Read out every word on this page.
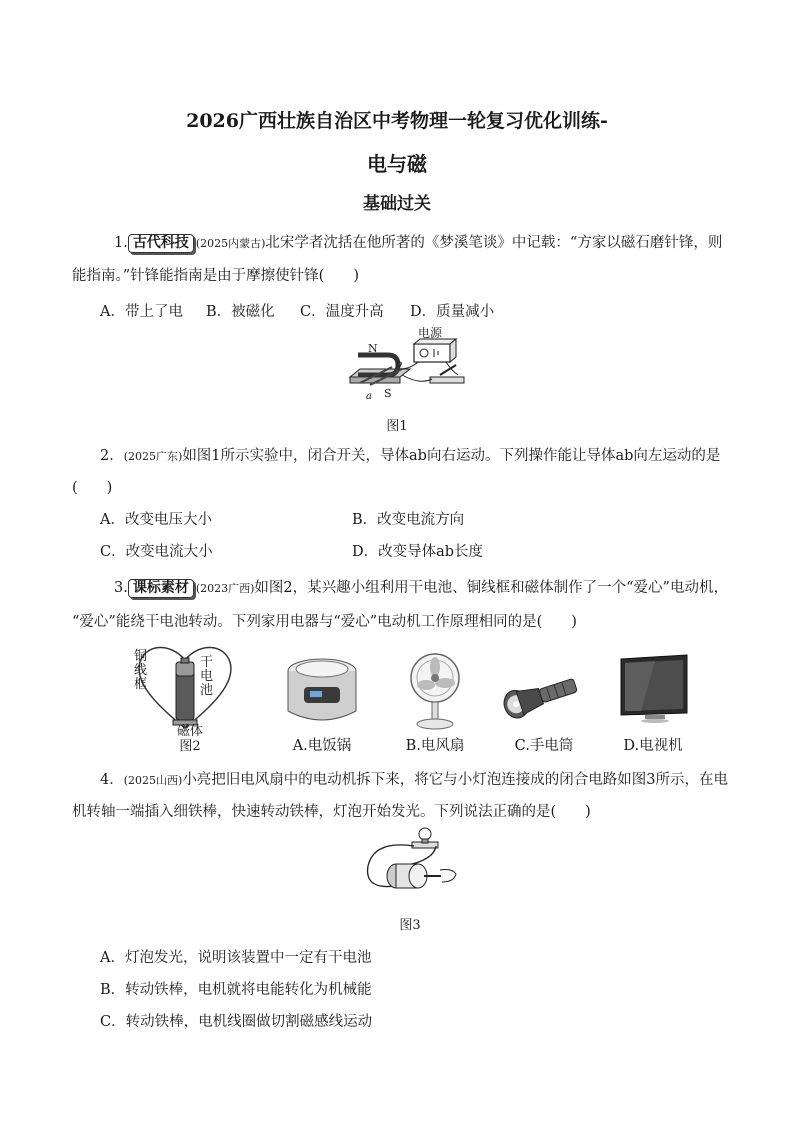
2026广西壮族自治区中考物理一轮复习优化训练-
电与磁
基础过关
1. 古代科技 (2025内蒙古)北宋学者沈括在他所著的《梦溪笔谈》中记载：“方家以磁石磨针锋，则
能指南。”针锋能指南是由于摩擦使针锋(　　)
A．带上了电 B．被磁化 C．温度升高 D．质量减小
N
S
a
b
电源
图1
2．(2025广东)如图1所示实验中，闭合开关，导体ab向右运动。下列操作能让导体ab向左运动的是
(　　)
A．改变电压大小	B．改变电流方向
C．改变电流大小	D．改变导体ab长度
3. 课标素材 (2023广西)如图2，某兴趣小组利用干电池、铜线框和磁体制作了一个“爱心”电动机，
“爱心”能绕干电池转动。下列家用电器与“爱心”电动机工作原理相同的是(　　)
铜线框
干电池
磁体
图2	A.电饭锅	B.电风扇	C.手电筒	D.电视机
4．(2025山西)小亮把旧电风扇中的电动机拆下来，将它与小灯泡连接成的闭合电路如图3所示，在电
机转轴一端插入细铁棒，快速转动铁棒，灯泡开始发光。下列说法正确的是(　　)
图3
A．灯泡发光，说明该装置中一定有干电池
B．转动铁棒，电机就将电能转化为机械能
C．转动铁棒，电机线圈做切割磁感线运动
